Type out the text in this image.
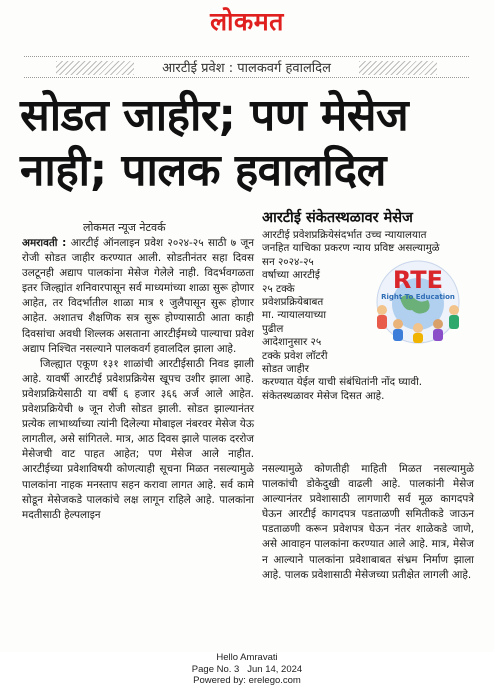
लोकमत
आरटीई प्रवेश : पालकवर्ग हवालदिल
सोडत जाहीर; पण मेसेज
नाही; पालक हवालदिल
लोकमत न्यूज नेटवर्क

अमरावती : आरटीई ऑनलाइन प्रवेश २०२४-२५ साठी ७ जून रोजी सोडत जाहीर करण्यात आली. सोडतीनंतर सहा दिवस उलटूनही अद्याप पालकांना मेसेज गेलेले नाही. विदर्भवगळता इतर जिल्ह्यांत शनिवारपासून सर्व माध्यमांच्या शाळा सुरू होणार आहेत, तर विदर्भातील शाळा मात्र १ जुलैपासून सुरू होणार आहेत. अशातच शैक्षणिक सत्र सुरू होण्यासाठी आता काही दिवसांचा अवधी शिल्लक असताना आरटीईमध्ये पाल्याचा प्रवेश अद्याप निश्चित नसल्याने पालकवर्ग हवालदिल झाला आहे.

जिल्ह्यात एकूण १३१ शाळांची आरटीईसाठी निवड झाली आहे. यावर्षी आरटीई प्रवेशप्रक्रियेस खूपच उशीर झाला आहे. प्रवेशप्रक्रियेसाठी या वर्षी ६ हजार ३६६ अर्ज आले आहेत. प्रवेशप्रक्रियेची ७ जून रोजी सोडत झाली. सोडत झाल्यानंतर प्रत्येक लाभार्थ्याच्या त्यांनी दिलेल्या मोबाइल नंबरवर मेसेज येऊ लागतील, असे सांगितले. मात्र, आठ दिवस झाले पालक दररोज मेसेजची वाट पाहत आहेत; पण मेसेज आले नाहीत. आरटीईच्या प्रवेशाविषयी कोणत्याही सूचना मिळत नसल्यामुळे पालकांना नाहक मनस्ताप सहन करावा लागत आहे. सर्व कामे सोडून मेसेजकडे पालकांचे लक्ष लागून राहिले आहे. पालकांना मदतीसाठी हेल्पलाइन

आरटीई संकेतस्थळावर मेसेज
आरटीई प्रवेशप्रक्रियेसंदर्भात उच्च न्यायालयात
जनहित याचिका प्रकरण न्याय प्रविष्ट असल्यामुळे
सन २०२४-२५
वर्षाच्या आरटीई
२५ टक्के
प्रवेशप्रक्रियेबाबत
मा. न्यायालयाच्या
पुढील
आदेशानुसार २५
टक्के प्रवेश लॉटरी
सोडत जाहीर
करण्यात येईल याची संबंधितांनी नोंद घ्यावी.
संकेतस्थळावर मेसेज दिसत आहे.
RTE
Right To Education

नसल्यामुळे कोणतीही माहिती मिळत नसल्यामुळे पालकांची डोकेदुखी वाढली आहे. पालकांनी मेसेज आल्यानंतर प्रवेशासाठी लागणारी सर्व मूळ कागदपत्रे घेऊन आरटीई कागदपत्र पडताळणी समितीकडे जाऊन पडताळणी करून प्रवेशपत्र घेऊन नंतर शाळेकडे जाणे, असे आवाहन पालकांना करण्यात आले आहे. मात्र, मेसेज न आल्याने पालकांना प्रवेशाबाबत संभ्रम निर्माण झाला आहे. पालक प्रवेशासाठी मेसेजच्या प्रतीक्षेत लागली आहे.

Hello Amravati
Page No. 3   Jun 14, 2024
Powered by: erelego.com
